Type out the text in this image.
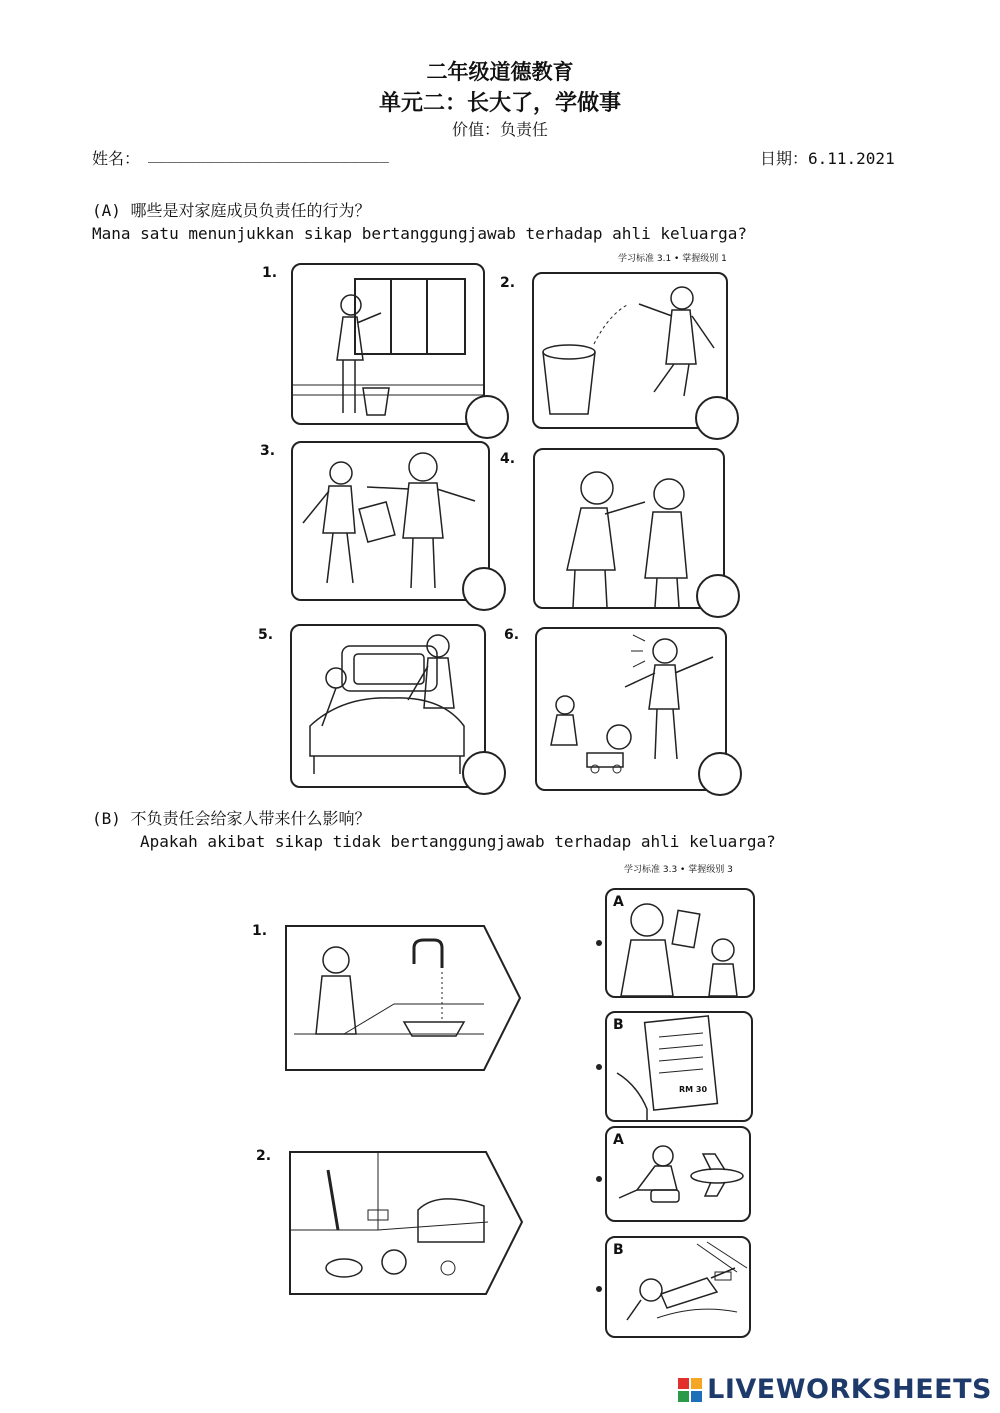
二年级道德教育
单元二：长大了，学做事
价值：负责任
姓名： _________________________	日期：6.11.2021
(A) 哪些是对家庭成员负责任的行为？
Mana satu menunjukkan sikap bertanggungjawab terhadap ahli keluarga?
学习标准 3.1 • 掌握级别 1
1.
2.
3.	4.
5.	6.
(B) 不负责任会给家人带来什么影响？
Apakah akibat sikap tidak bertanggungjawab terhadap ahli keluarga?
学习标准 3.3 • 掌握级别 3
1.
2.
A
B
RM 30
A
B
LIVEWORKSHEETS
